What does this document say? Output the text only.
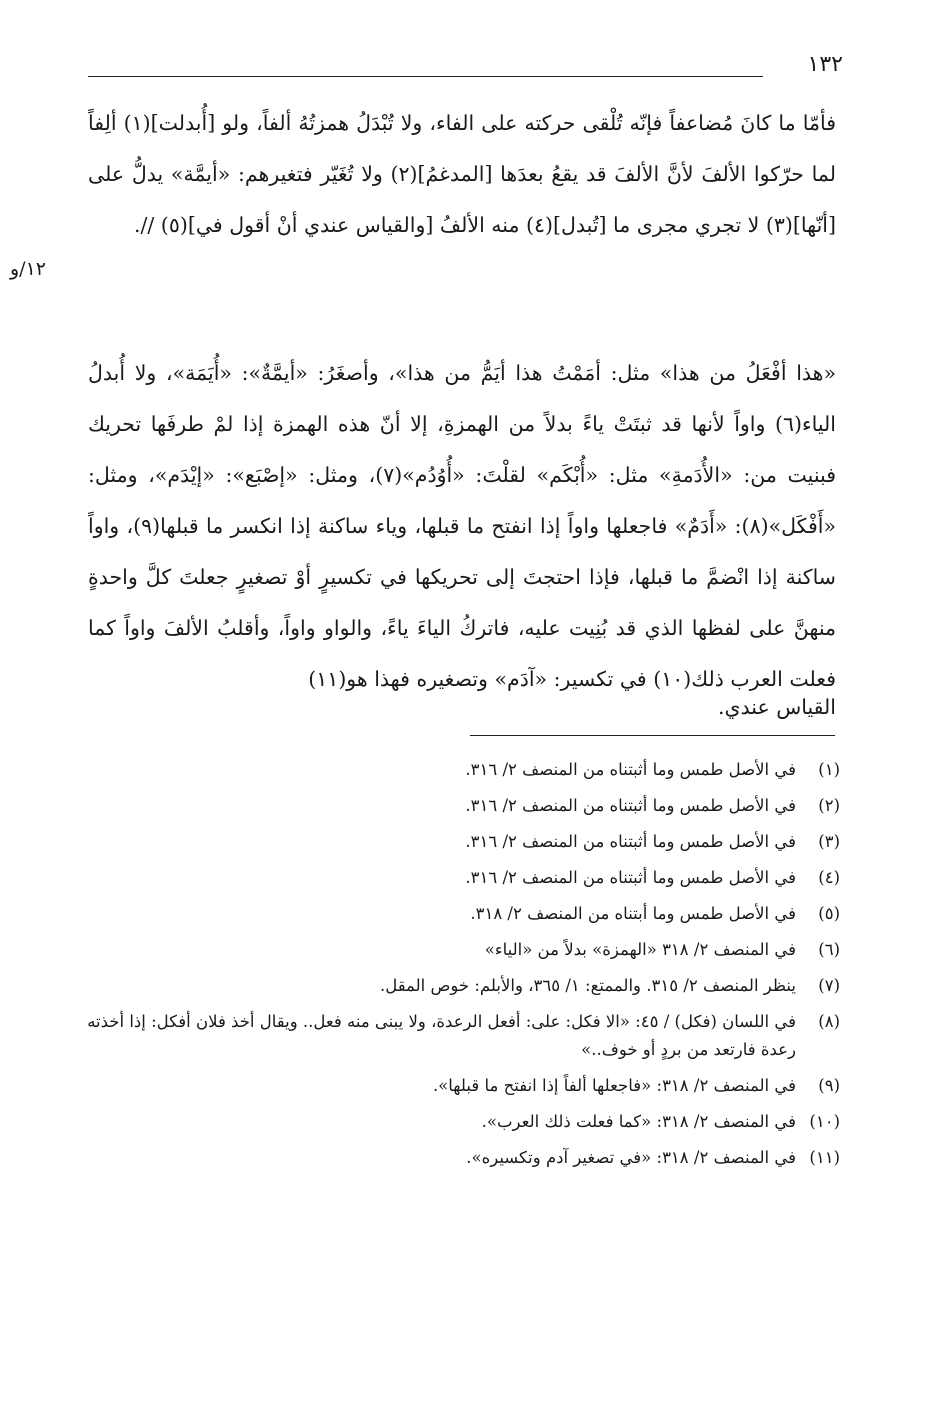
١٣٢
١٢/و

فأمّا ما كانَ مُضاعفاً فإنّه تُلْقى حركته على الفاء، ولا تُبْدَلُ همزتُهُ ألفاً، ولو [أُبدلت](١) ألِفاً لما حرّكوا الألفَ لأنَّ الألفَ قد يقعُ بعدَها [المدغمُ](٢) ولا تُغَيّر فتغيرهم: «أيمَّة» يدلُّ على [أنّها](٣) لا تجري مجرى ما [تُبدل](٤) منه الألفُ [والقياس عندي أنْ أقول في](٥) //.

«هذا أفْعَلُ من هذا» مثل: أمَمْتُ هذا أيَمُّ من هذا»، وأصغَرُ: «أيمَّةٌ»: «أُيَمَة»، ولا أُبدلُ الياء(٦) واواً لأنها قد ثبتَتْ ياءً بدلاً من الهمزةِ، إلا أنّ هذه الهمزة إذا لمْ طرفَها تحريك فبنيت من: «الأُدَمةِ» مثل: «أُبْكَم» لقلْتَ: «أُوُدُم»(٧)، ومثل: «إصْبَع»: «إيْدَم»، ومثل: «أَفْكَل»(٨): «أَدَمٌ» فاجعلها واواً إذا انفتح ما قبلها، وياء ساكنة إذا انكسر ما قبلها(٩)، واواً ساكنة إذا انْضمَّ ما قبلها، فإذا احتجتَ إلى تحريكها في تكسيرٍ أوْ تصغيرٍ جعلتَ كلَّ واحدةٍ منهنَّ على لفظها الذي قد بُنِيت عليه، فاتركُ الياءَ ياءً، والواو واواً، وأقلبُ الألفَ واواً كما فعلت العرب ذلك(١٠) في تكسير: «آدَم» وتصغيره فهذا هو(١١)

القياس عندي.

(١)
في الأصل طمس وما أثبتناه من المنصف ٢/ ٣١٦.
(٢)
في الأصل طمس وما أثبتناه من المنصف ٢/ ٣١٦.
(٣)
في الأصل طمس وما أثبتناه من المنصف ٢/ ٣١٦.
(٤)
في الأصل طمس وما أثبتناه من المنصف ٢/ ٣١٦.
(٥)
في الأصل طمس وما أبتناه من المنصف ٢/ ٣١٨.
(٦)
في المنصف ٢/ ٣١٨ «الهمزة» بدلاً من «الياء»
(٧)
ينظر المنصف ٢/ ٣١٥. والممتع: ١/ ٣٦٥، والأبلم: خوص المقل.
(٨)
في اللسان (فكل) / ٤٥: «الا فكل: على: أفعل الرعدة، ولا يبنى منه فعل.. ويقال أخذ فلان أفكل: إذا أخذته رعدة فارتعد من بردٍ أو خوف..»
(٩)
في المنصف ٢/ ٣١٨: «فاجعلها ألفاً إذا انفتح ما قبلها».
(١٠)
في المنصف ٢/ ٣١٨: «كما فعلت ذلك العرب».
(١١)
في المنصف ٢/ ٣١٨: «في تصغير آدم وتكسيره».
